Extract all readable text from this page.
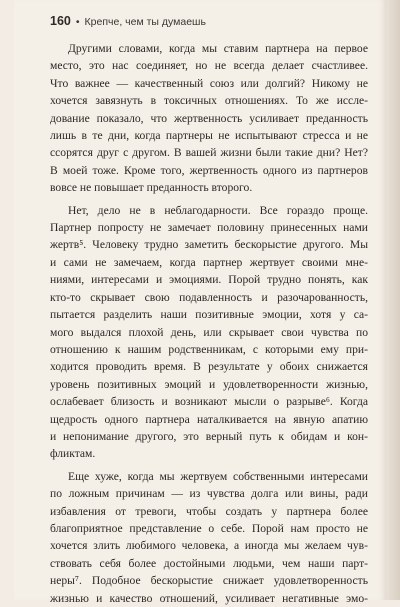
160 • Крепче, чем ты думаешь
Другими словами, когда мы ставим партнера на первое
место, это нас соединяет, но не всегда делает счастливее.
Что важнее — качественный союз или долгий? Никому не
хочется завязнуть в токсичных отношениях. То же иссле-
дование показало, что жертвенность усиливает преданность
лишь в те дни, когда партнеры не испытывают стресса и не
ссорятся друг с другом. В вашей жизни были такие дни? Нет?
В моей тоже. Кроме того, жертвенность одного из партнеров
вовсе не повышает преданность второго.
Нет, дело не в неблагодарности. Все гораздо проще.
Партнер попросту не замечает половину принесенных нами
жертв⁵. Человеку трудно заметить бескорыстие другого. Мы
и сами не замечаем, когда партнер жертвует своими мне-
ниями, интересами и эмоциями. Порой трудно понять, как
кто-то скрывает свою подавленность и разочарованность,
пытается разделить наши позитивные эмоции, хотя у са-
мого выдался плохой день, или скрывает свои чувства по
отношению к нашим родственникам, с которыми ему при-
ходится проводить время. В результате у обоих снижается
уровень позитивных эмоций и удовлетворенности жизнью,
ослабевает близость и возникают мысли о разрыве⁶. Когда
щедрость одного партнера наталкивается на явную апатию
и непонимание другого, это верный путь к обидам и кон-
фликтам.
Еще хуже, когда мы жертвуем собственными интересами
по ложным причинам — из чувства долга или вины, ради
избавления от тревоги, чтобы создать у партнера более
благоприятное представление о себе. Порой нам просто не
хочется злить любимого человека, а иногда мы желаем чув-
ствовать себя более достойными людьми, чем наши парт-
неры⁷. Подобное бескорыстие снижает удовлетворенность
жизнью и качество отношений, усиливает негативные эмо-
